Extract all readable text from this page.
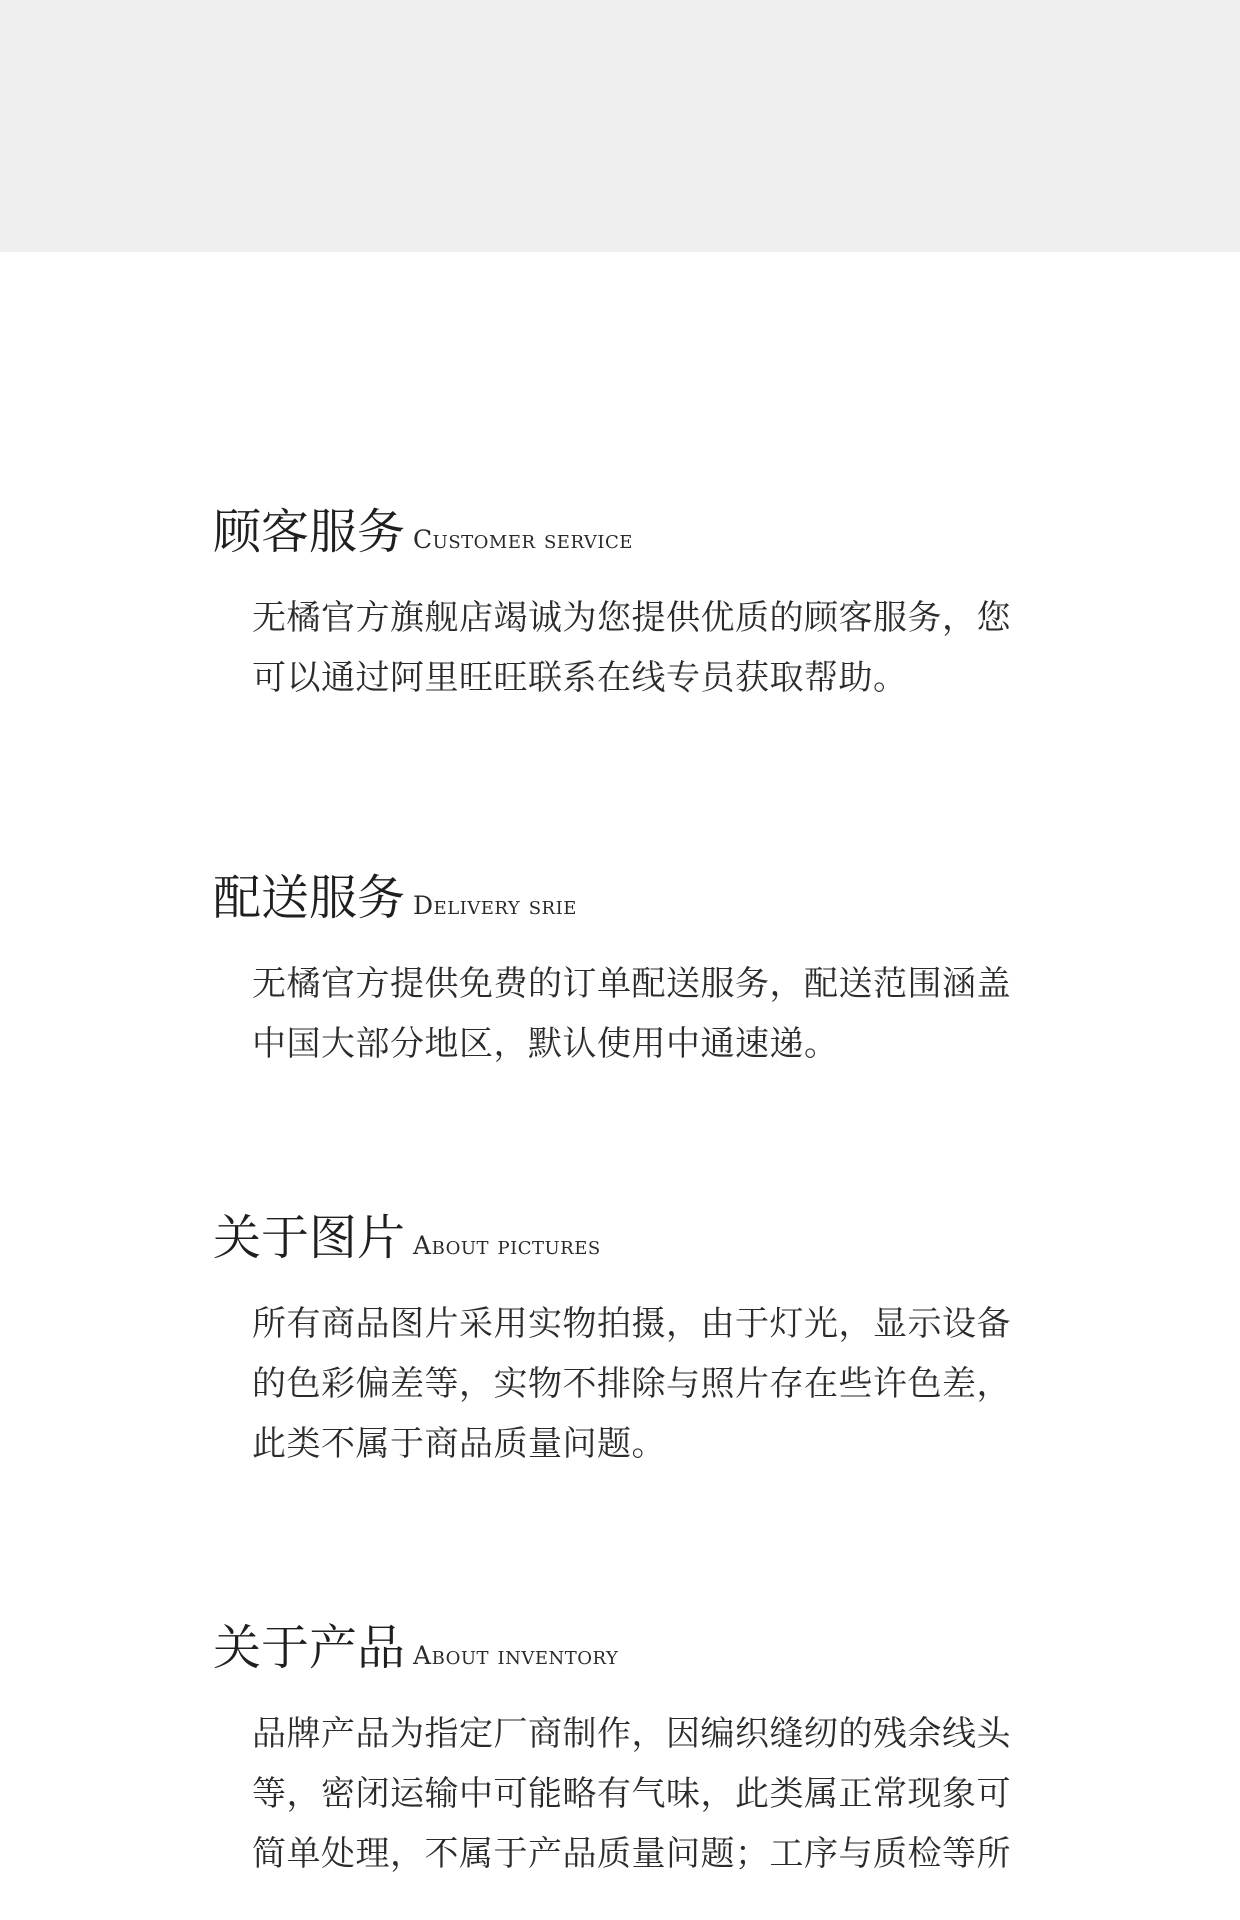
顾客服务 Customer service

无橘官方旗舰店竭诚为您提供优质的顾客服务，您可以通过阿里旺旺联系在线专员获取帮助。

配送服务 Delivery srie

无橘官方提供免费的订单配送服务，配送范围涵盖中国大部分地区，默认使用中通速递。

关于图片 About pictures

所有商品图片采用实物拍摄，由于灯光，显示设备的色彩偏差等，实物不排除与照片存在些许色差，此类不属于商品质量问题。

关于产品 About inventory

品牌产品为指定厂商制作，因编织缝纫的残余线头等，密闭运输中可能略有气味，此类属正常现象可简单处理，不属于产品质量问题；工序与质检等所
